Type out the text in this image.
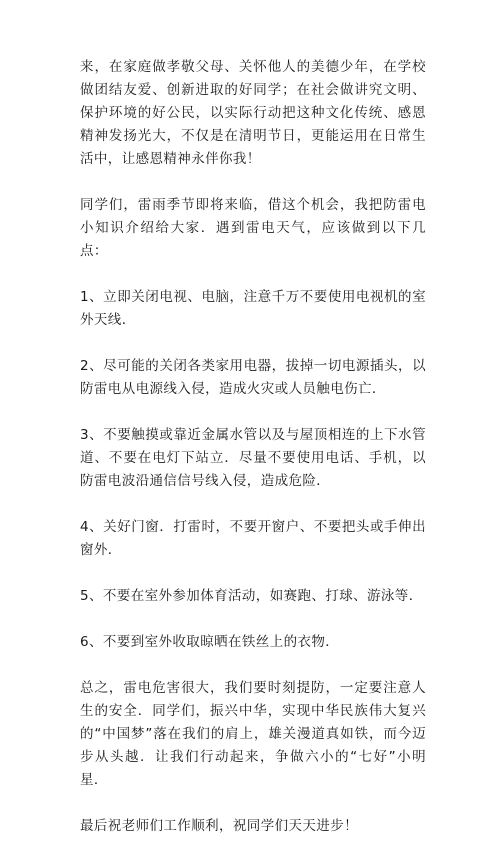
来，在家庭做孝敬父母、关怀他人的美德少年，在学校做团结友爱、创新进取的好同学；在社会做讲究文明、保护环境的好公民，以实际行动把这种文化传统、感恩精神发扬光大，不仅是在清明节日，更能运用在日常生活中，让感恩精神永伴你我！

同学们，雷雨季节即将来临，借这个机会，我把防雷电小知识介绍给大家．遇到雷电天气，应该做到以下几点：

1、立即关闭电视、电脑，注意千万不要使用电视机的室外天线．

2、尽可能的关闭各类家用电器，拔掉一切电源插头，以防雷电从电源线入侵，造成火灾或人员触电伤亡．

3、不要触摸或靠近金属水管以及与屋顶相连的上下水管道、不要在电灯下站立．尽量不要使用电话、手机，以防雷电波沿通信信号线入侵，造成危险．

4、关好门窗．打雷时，不要开窗户、不要把头或手伸出窗外．

5、不要在室外参加体育活动，如赛跑、打球、游泳等．

6、不要到室外收取晾晒在铁丝上的衣物．

总之，雷电危害很大，我们要时刻提防，一定要注意人生的安全．同学们，振兴中华，实现中华民族伟大复兴的“中国梦”落在我们的肩上，雄关漫道真如铁，而今迈步从头越．让我们行动起来，争做六小的“七好”小明星．

最后祝老师们工作顺利，祝同学们天天进步！
